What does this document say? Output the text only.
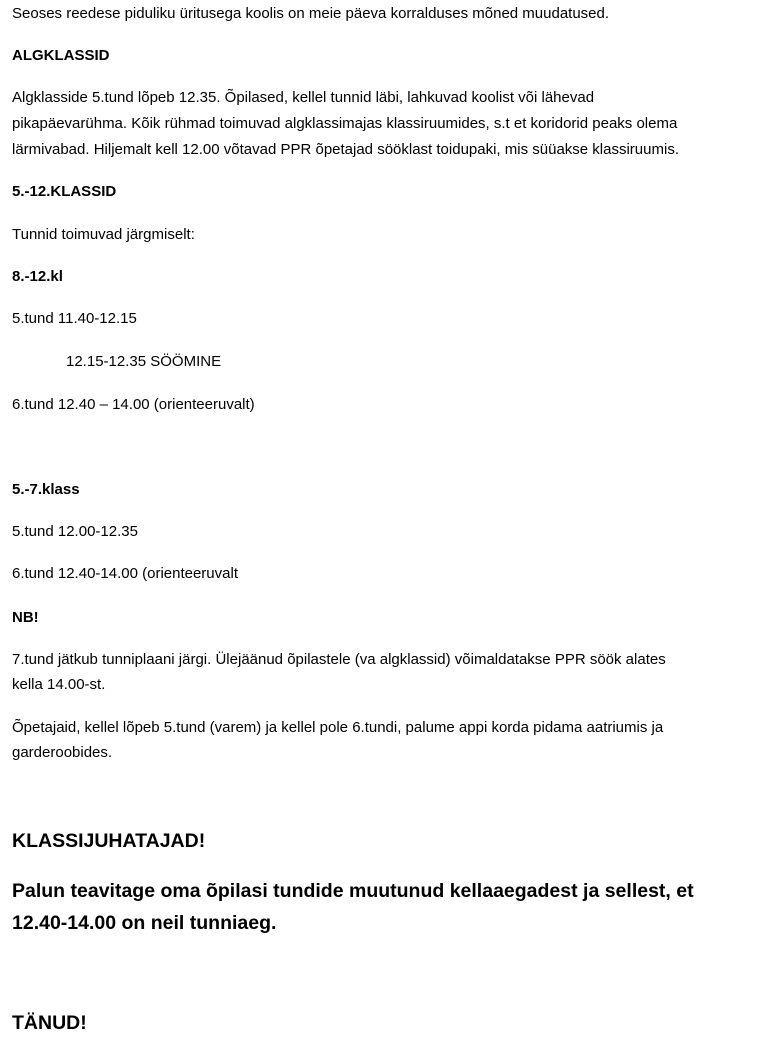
Seoses reedese piduliku üritusega koolis on meie päeva korralduses mõned muudatused.

ALGKLASSID

Algklasside 5.tund lõpeb 12.35. Õpilased, kellel tunnid läbi, lahkuvad koolist või lähevad

pikapäevarühma. Kõik rühmad toimuvad algklassimajas klassiruumides, s.t et koridorid peaks olema

lärmivabad. Hiljemalt kell 12.00 võtavad PPR õpetajad sööklast toidupaki, mis süüakse klassiruumis.

5.-12.KLASSID

Tunnid toimuvad järgmiselt:

8.-12.kl

5.tund 11.40-12.15

12.15-12.35 SÖÖMINE

6.tund 12.40 – 14.00 (orienteeruvalt)

5.-7.klass

5.tund 12.00-12.35

6.tund 12.40-14.00 (orienteeruvalt

NB!

7.tund jätkub tunniplaani järgi. Ülejäänud õpilastele (va algklassid) võimaldatakse PPR söök alates

kella 14.00-st.

Õpetajaid, kellel lõpeb 5.tund (varem) ja kellel pole 6.tundi, palume appi korda pidama aatriumis ja

garderoobides.

KLASSIJUHATAJAD!

Palun teavitage oma õpilasi tundide muutunud kellaaegadest ja sellest, et

12.40-14.00 on neil tunniaeg.

TÄNUD!
